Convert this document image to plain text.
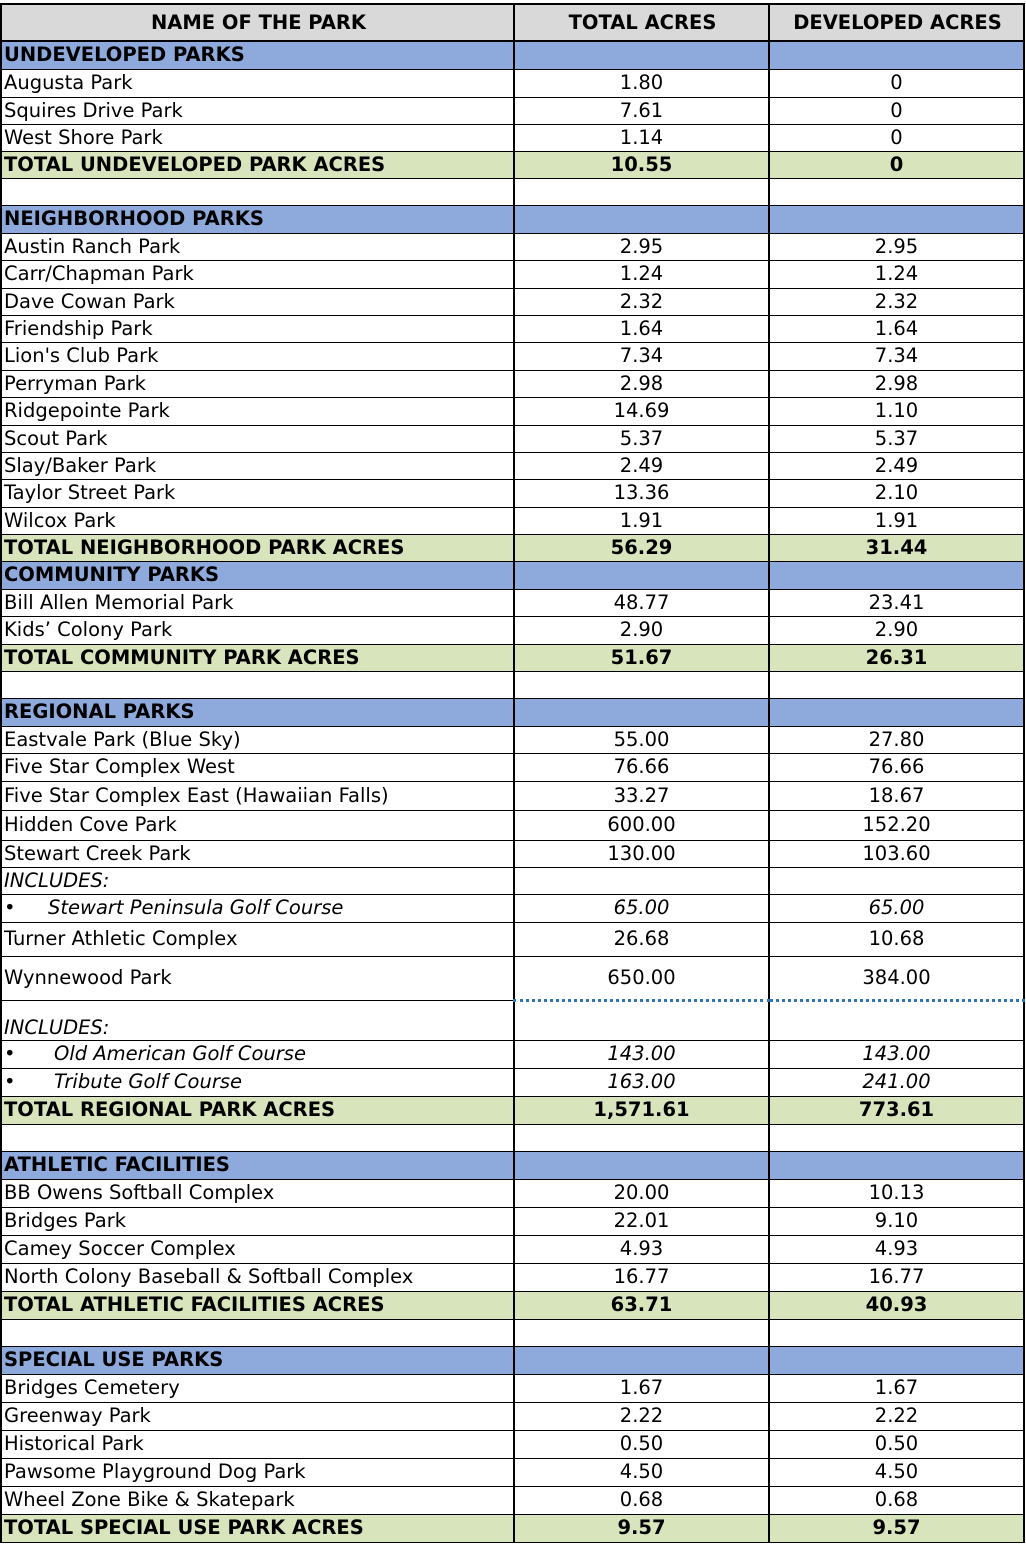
NAME OF THE PARK	TOTAL ACRES	DEVELOPED ACRES
UNDEVELOPED PARKS		
Augusta Park	1.80	0
Squires Drive Park	7.61	0
West Shore Park	1.14	0
TOTAL UNDEVELOPED PARK ACRES	10.55	0

NEIGHBORHOOD PARKS		
Austin Ranch Park	2.95	2.95
Carr/Chapman Park	1.24	1.24
Dave Cowan Park	2.32	2.32
Friendship Park	1.64	1.64
Lion's Club Park	7.34	7.34
Perryman Park	2.98	2.98
Ridgepointe Park	14.69	1.10
Scout Park	5.37	5.37
Slay/Baker Park	2.49	2.49
Taylor Street Park	13.36	2.10
Wilcox Park	1.91	1.91
TOTAL NEIGHBORHOOD PARK ACRES	56.29	31.44
COMMUNITY PARKS		
Bill Allen Memorial Park	48.77	23.41
Kids’ Colony Park	2.90	2.90
TOTAL COMMUNITY PARK ACRES	51.67	26.31

REGIONAL PARKS		
Eastvale Park (Blue Sky)	55.00	27.80
Five Star Complex West	76.66	76.66
Five Star Complex East (Hawaiian Falls)	33.27	18.67
Hidden Cove Park	600.00	152.20
Stewart Creek Park	130.00	103.60
INCLUDES:		
• Stewart Peninsula Golf Course	65.00	65.00
Turner Athletic Complex	26.68	10.68
Wynnewood Park	650.00	384.00
INCLUDES:		
• Old American Golf Course	143.00	143.00
• Tribute Golf Course	163.00	241.00
TOTAL REGIONAL PARK ACRES	1,571.61	773.61

ATHLETIC FACILITIES		
BB Owens Softball Complex	20.00	10.13
Bridges Park	22.01	9.10
Camey Soccer Complex	4.93	4.93
North Colony Baseball & Softball Complex	16.77	16.77
TOTAL ATHLETIC FACILITIES ACRES	63.71	40.93

SPECIAL USE PARKS		
Bridges Cemetery	1.67	1.67
Greenway Park	2.22	2.22
Historical Park	0.50	0.50
Pawsome Playground Dog Park	4.50	4.50
Wheel Zone Bike & Skatepark	0.68	0.68
TOTAL SPECIAL USE PARK ACRES	9.57	9.57
